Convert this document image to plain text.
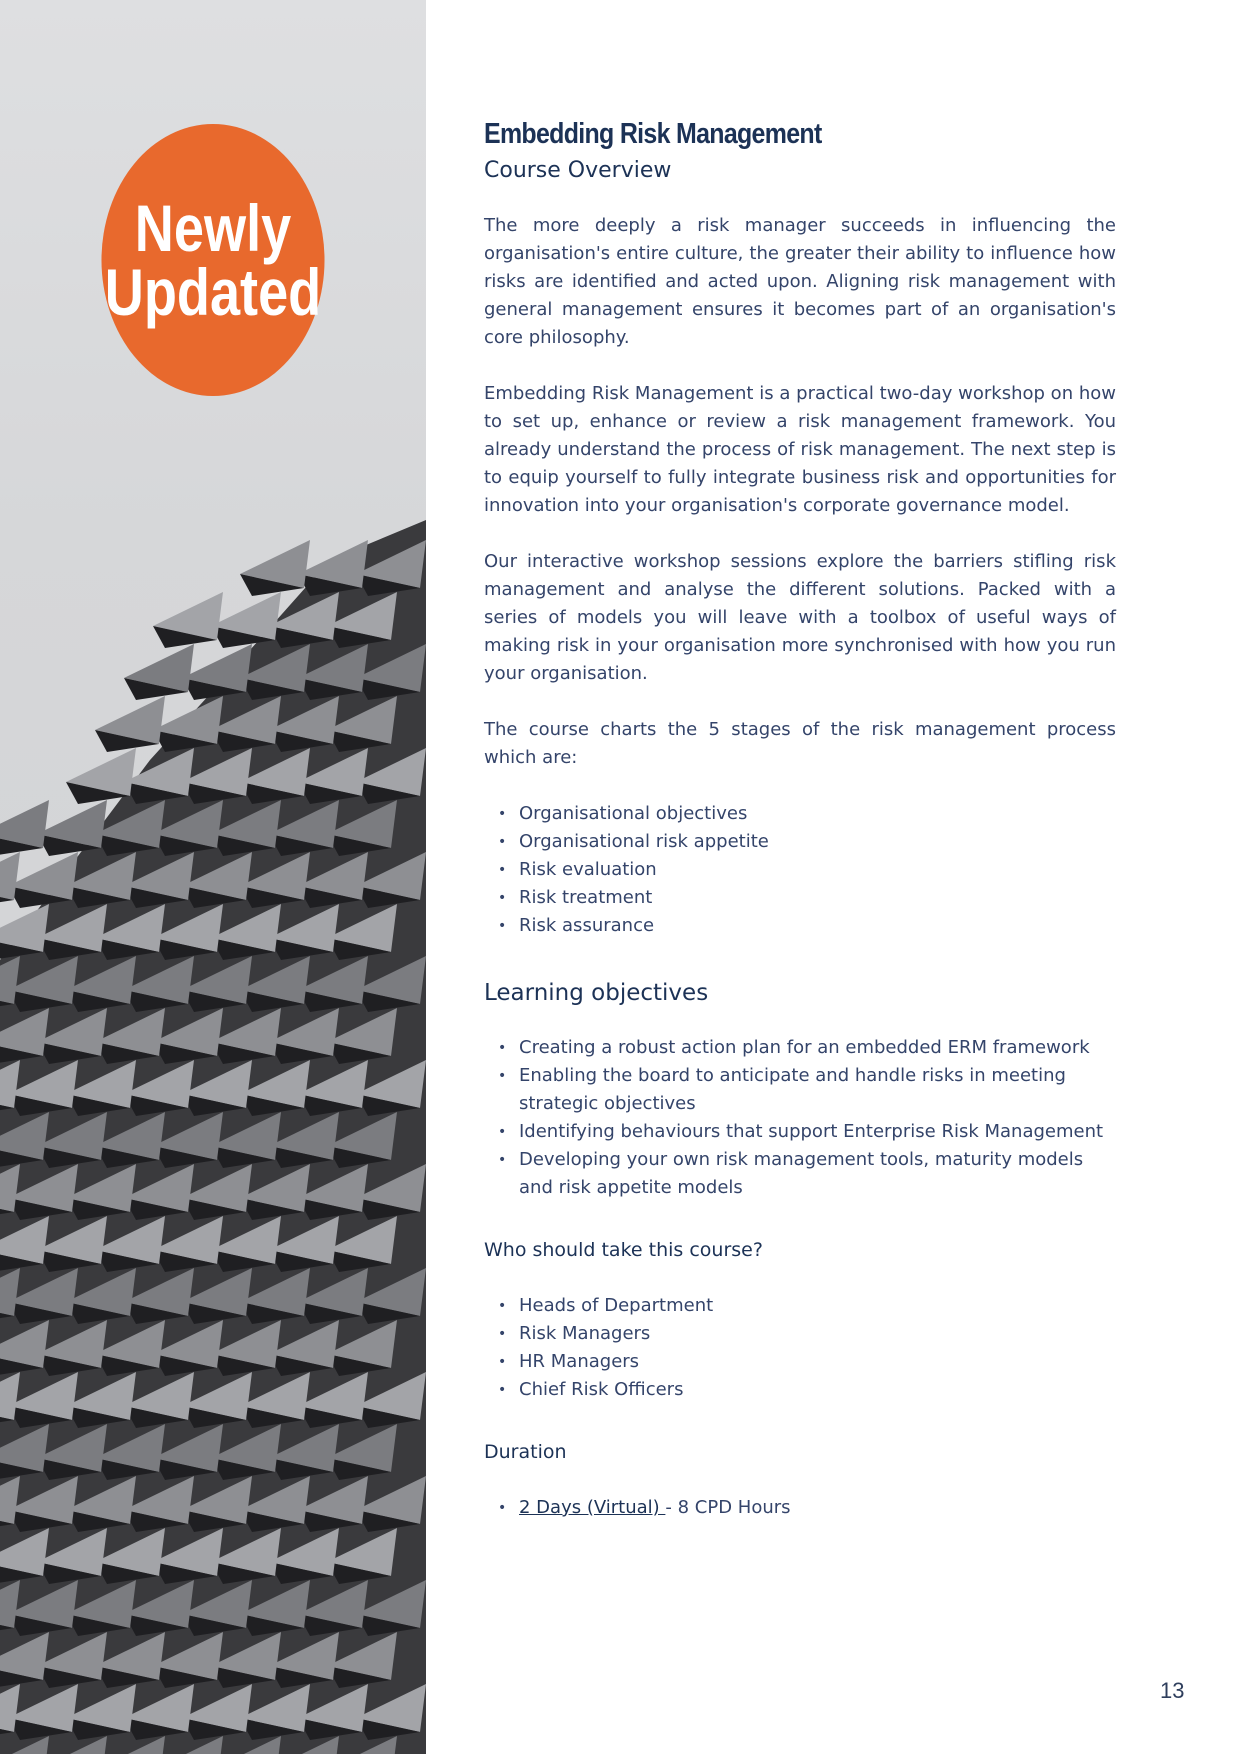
Newly
Updated
Embedding Risk Management
Course Overview

The more deeply a risk manager succeeds in influencing the organisation's entire culture, the greater their ability to influence how risks are identified and acted upon. Aligning risk management with general management ensures it becomes part of an organisation's core philosophy.

Embedding Risk Management is a practical two-day workshop on how to set up, enhance or review a risk management framework. You already understand the process of risk management. The next step is to equip yourself to fully integrate business risk and opportunities for innovation into your organisation's corporate governance model.

Our interactive workshop sessions explore the barriers stifling risk management and analyse the different solutions. Packed with a series of models you will leave with a toolbox of useful ways of making risk in your organisation more synchronised with how you run your organisation.

The course charts the 5 stages of the risk management process which are:

• Organisational objectives
• Organisational risk appetite
• Risk evaluation
• Risk treatment
• Risk assurance
Learning objectives
• Creating a robust action plan for an embedded ERM framework
• Enabling the board to anticipate and handle risks in meeting strategic objectives
• Identifying behaviours that support Enterprise Risk Management
• Developing your own risk management tools, maturity models and risk appetite models
Who should take this course?
• Heads of Department
• Risk Managers
• HR Managers
• Chief Risk Officers
Duration
• 2 Days (Virtual) - 8 CPD Hours
13
